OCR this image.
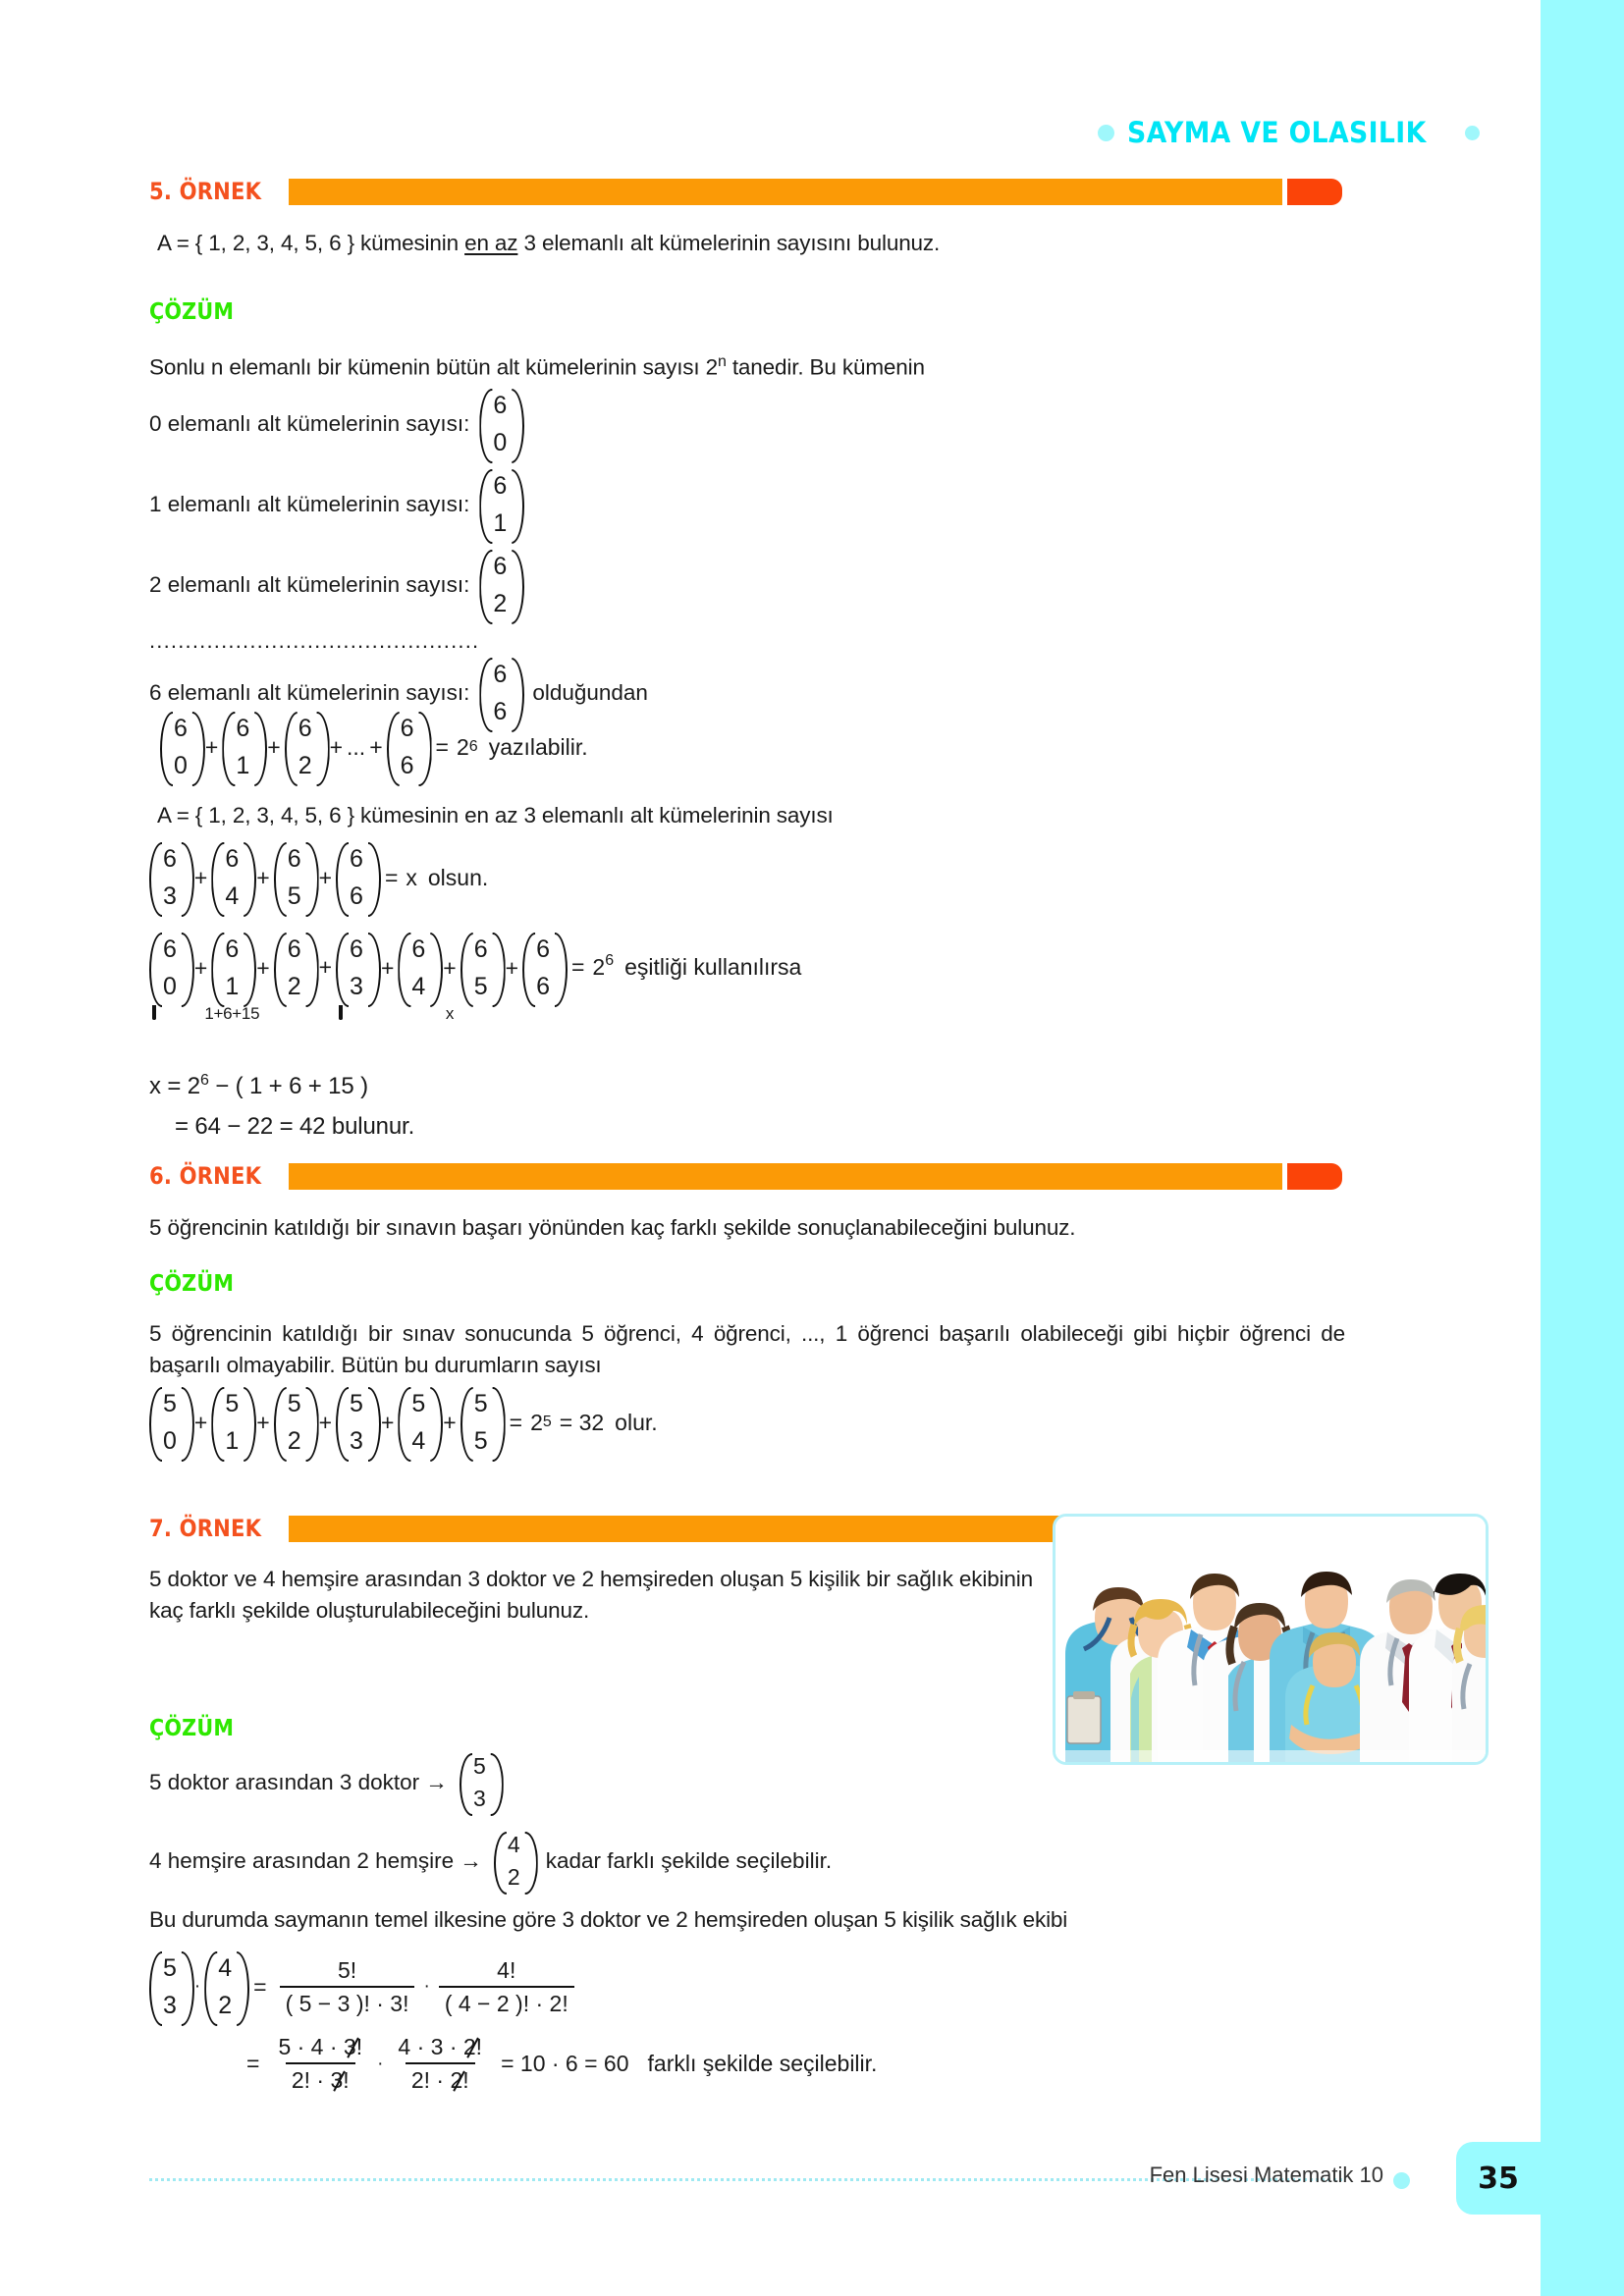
SAYMA VE OLASILIK
5. ÖRNEK

A = { 1, 2, 3, 4, 5, 6 } kümesinin en az 3 elemanlı alt kümelerinin sayısını bulunuz.

ÇÖZÜM

Sonlu n elemanlı bir kümenin bütün alt kümelerinin sayısı 2$^n$ tanedir. Bu kümenin

0 elemanlı alt kümelerinin sayısı:
6
0
1 elemanlı alt kümelerinin sayısı:
6
1
2 elemanlı alt kümelerinin sayısı:
6
2
..............................................
6 elemanlı alt kümelerinin sayısı:
6
6
olduğundan
6
0
+
6
1
+
6
2
+ ... +
6
6
= 2 6 yazılabilir.

A = { 1, 2, 3, 4, 5, 6 } kümesinin en az 3 elemanlı alt kümelerinin sayısı

6
3
+
6
4
+
6
5
+
6
6
= x olsun.
6
0
+
6
1
+
6
2
1+6+15
+
6
3
+
6
4
+
6
5
+
6
6
x
= $2^6$ eşitliği kullanılırsa

$x = 2^6$ − ( 1 + 6 + 15 )

= 64 − 22 = 42 bulunur.

6. ÖRNEK

5 öğrencinin katıldığı bir sınavın başarı yönünden kaç farklı şekilde sonuçlanabileceğini bulunuz.

ÇÖZÜM

5 öğrencinin katıldığı bir sınav sonucunda 5 öğrenci, 4 öğrenci, ..., 1 öğrenci başarılı olabileceği gibi hiçbir öğrenci de başarılı olmayabilir. Bütün bu durumların sayısı

5
0
+
5
1
+
5
2
+
5
3
+
5
4
+
5
5
= 2 5 = 32 olur.
7. ÖRNEK

5 doktor ve 4 hemşire arasından 3 doktor ve 2 hemşireden oluşan 5 kişilik bir sağlık ekibinin kaç farklı şekilde oluşturulabileceğini bulunuz.

ÇÖZÜM
5 doktor arasından 3 doktor →
5
3
4 hemşire arasından 2 hemşire →
4
2
kadar farklı şekilde seçilebilir.

Bu durumda saymanın temel ilkesine göre 3 doktor ve 2 hemşireden oluşan 5 kişilik sağlık ekibi

5
3
·
4
2
= $\frac{5!}{( 5 - 3 )! \cdot 3!} \cdot \frac{4!}{( 4 - 2 )! \cdot 2!}$
= $\frac{5 \cdot 4 \cdot 3!}{2! \cdot 3!} \cdot \frac{4 \cdot 3 \cdot 2!}{2! \cdot 2!} = 10 \cdot 6 = 60$ farklı şekilde seçilebilir.
Fen Lisesi Matematik 10	35
